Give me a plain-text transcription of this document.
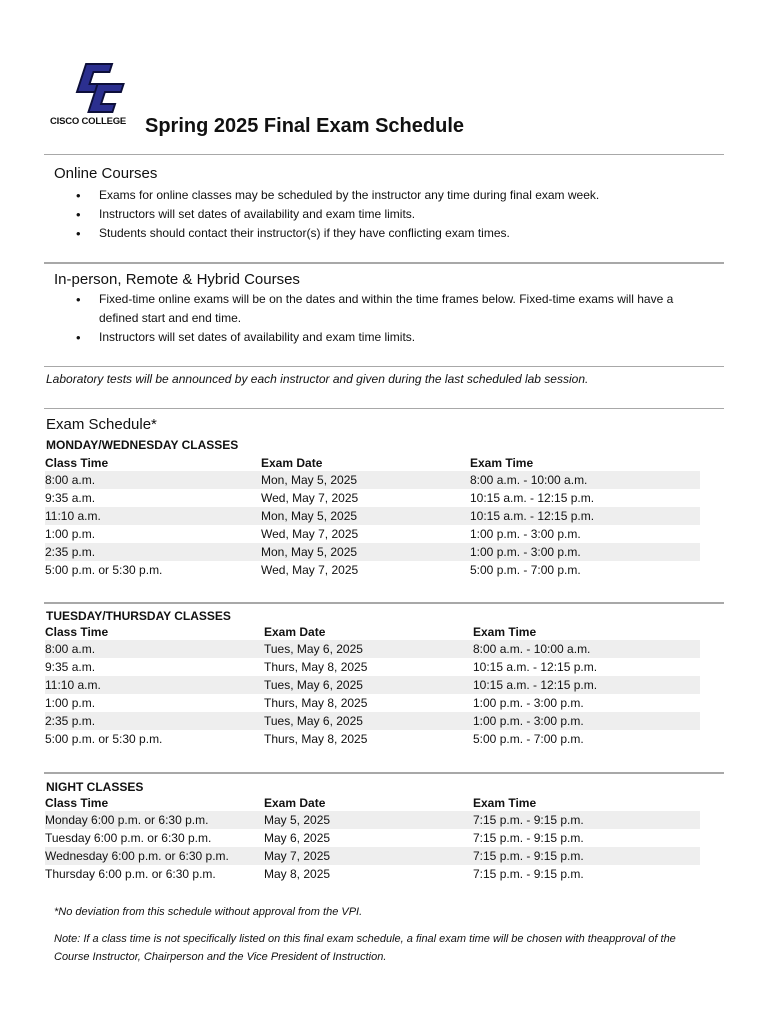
CISCO COLLEGE Spring 2025 Final Exam Schedule
Online Courses
• Exams for online classes may be scheduled by the instructor any time during final exam week.
• Instructors will set dates of availability and exam time limits.
• Students should contact their instructor(s) if they have conflicting exam times.
In-person, Remote & Hybrid Courses
• Fixed-time online exams will be on the dates and within the time frames below. Fixed-time exams will have a defined start and end time.
• Instructors will set dates of availability and exam time limits.
Laboratory tests will be announced by each instructor and given during the last scheduled lab session.
Exam Schedule*
MONDAY/WEDNESDAY CLASSES
Class Time	Exam Date	Exam Time
8:00 a.m.	Mon, May 5, 2025	8:00 a.m. - 10:00 a.m.
9:35 a.m.	Wed, May 7, 2025	10:15 a.m. - 12:15 p.m.
11:10 a.m.	Mon, May 5, 2025	10:15 a.m. - 12:15 p.m.
1:00 p.m.	Wed, May 7, 2025	1:00 p.m. - 3:00 p.m.
2:35 p.m.	Mon, May 5, 2025	1:00 p.m. - 3:00 p.m.
5:00 p.m. or 5:30 p.m.	Wed, May 7, 2025	5:00 p.m. - 7:00 p.m.
TUESDAY/THURSDAY CLASSES
Class Time	Exam Date	Exam Time
8:00 a.m.	Tues, May 6, 2025	8:00 a.m. - 10:00 a.m.
9:35 a.m.	Thurs, May 8, 2025	10:15 a.m. - 12:15 p.m.
11:10 a.m.	Tues, May 6, 2025	10:15 a.m. - 12:15 p.m.
1:00 p.m.	Thurs, May 8, 2025	1:00 p.m. - 3:00 p.m.
2:35 p.m.	Tues, May 6, 2025	1:00 p.m. - 3:00 p.m.
5:00 p.m. or 5:30 p.m.	Thurs, May 8, 2025	5:00 p.m. - 7:00 p.m.
NIGHT CLASSES
Class Time	Exam Date	Exam Time
Monday 6:00 p.m. or 6:30 p.m.	May 5, 2025	7:15 p.m. - 9:15 p.m.
Tuesday 6:00 p.m. or 6:30 p.m.	May 6, 2025	7:15 p.m. - 9:15 p.m.
Wednesday 6:00 p.m. or 6:30 p.m.	May 7, 2025	7:15 p.m. - 9:15 p.m.
Thursday 6:00 p.m. or 6:30 p.m.	May 8, 2025	7:15 p.m. - 9:15 p.m.
*No deviation from this schedule without approval from the VPI.
Note: If a class time is not specifically listed on this final exam schedule, a final exam time will be chosen with theapproval of the Course Instructor, Chairperson and the Vice President of Instruction.
